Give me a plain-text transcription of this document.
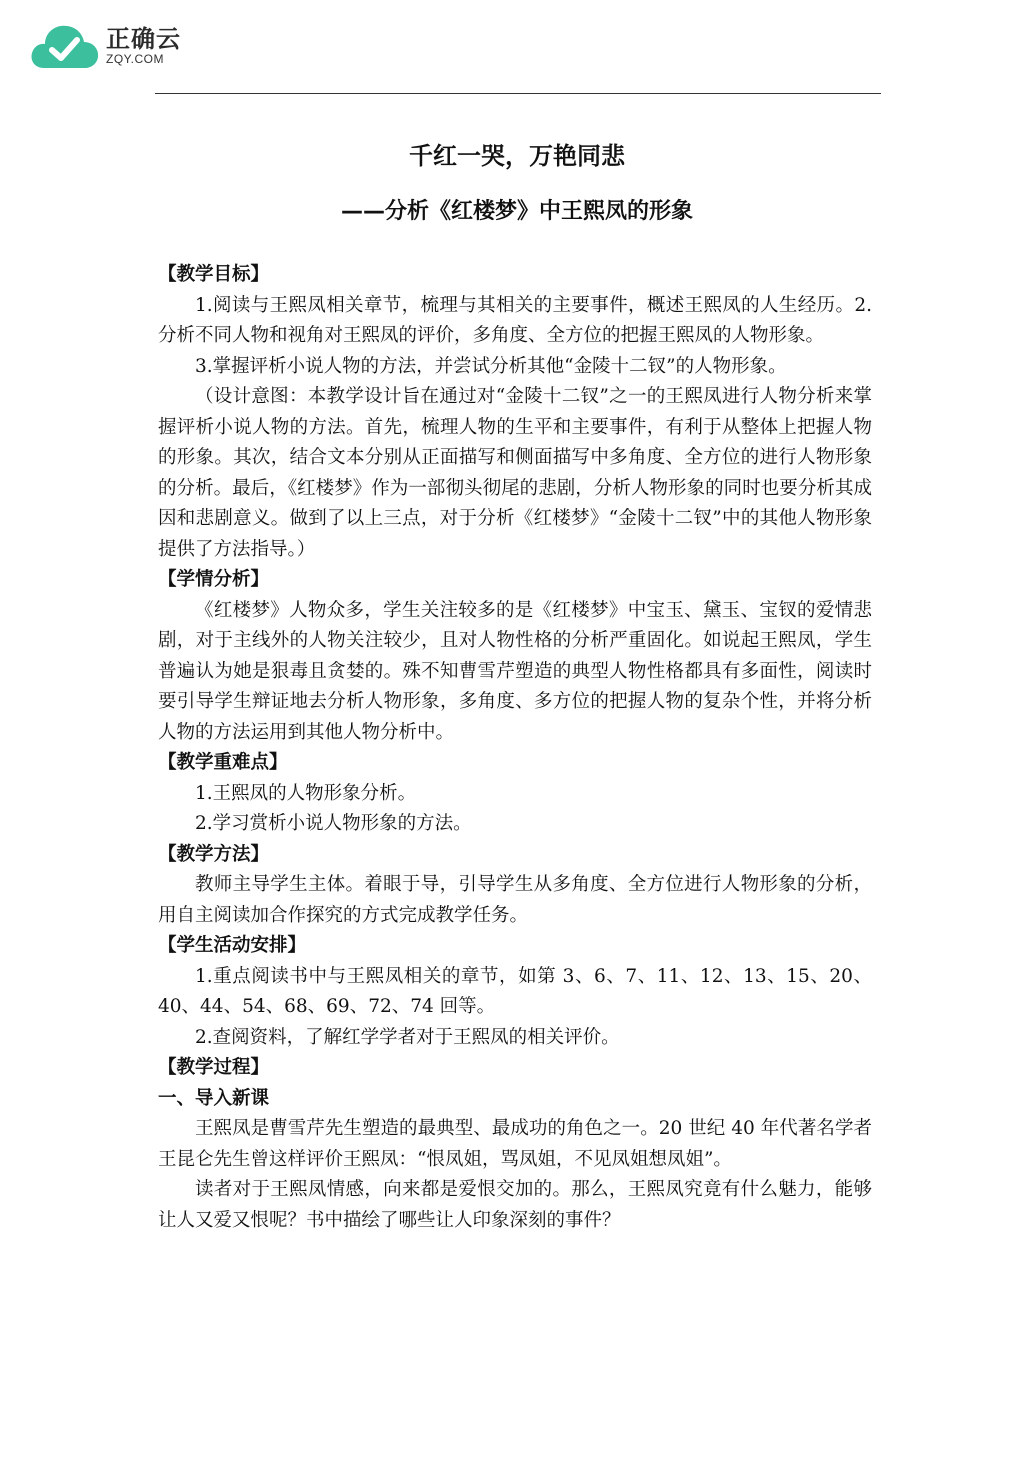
正确云
ZQY.COM
千红一哭，万艳同悲
——分析《红楼梦》中王熙凤的形象

【教学目标】

1.阅读与王熙凤相关章节，梳理与其相关的主要事件，概述王熙凤的人生经历。2.分析不同人物和视角对王熙凤的评价，多角度、全方位的把握王熙凤的人物形象。

3.掌握评析小说人物的方法，并尝试分析其他“金陵十二钗”的人物形象。

（设计意图：本教学设计旨在通过对“金陵十二钗”之一的王熙凤进行人物分析来掌握评析小说人物的方法。首先，梳理人物的生平和主要事件，有利于从整体上把握人物的形象。其次，结合文本分别从正面描写和侧面描写中多角度、全方位的进行人物形象的分析。最后，《红楼梦》作为一部彻头彻尾的悲剧，分析人物形象的同时也要分析其成因和悲剧意义。做到了以上三点，对于分析《红楼梦》“金陵十二钗”中的其他人物形象提供了方法指导。）

【学情分析】

《红楼梦》人物众多，学生关注较多的是《红楼梦》中宝玉、黛玉、宝钗的爱情悲剧，对于主线外的人物关注较少，且对人物性格的分析严重固化。如说起王熙凤，学生普遍认为她是狠毒且贪婪的。殊不知曹雪芹塑造的典型人物性格都具有多面性，阅读时要引导学生辩证地去分析人物形象，多角度、多方位的把握人物的复杂个性，并将分析人物的方法运用到其他人物分析中。

【教学重难点】

1.王熙凤的人物形象分析。

2.学习赏析小说人物形象的方法。

【教学方法】

教师主导学生主体。着眼于导，引导学生从多角度、全方位进行人物形象的分析，用自主阅读加合作探究的方式完成教学任务。

【学生活动安排】

1.重点阅读书中与王熙凤相关的章节，如第 3、6、7、11、12、13、15、20、40、44、54、68、69、72、74 回等。

2.查阅资料，了解红学学者对于王熙凤的相关评价。

【教学过程】

一、导入新课

王熙凤是曹雪芹先生塑造的最典型、最成功的角色之一。20 世纪 40 年代著名学者王昆仑先生曾这样评价王熙凤：“恨凤姐，骂凤姐，不见凤姐想凤姐”。

读者对于王熙凤情感，向来都是爱恨交加的。那么，王熙凤究竟有什么魅力，能够让人又爱又恨呢？书中描绘了哪些让人印象深刻的事件？
